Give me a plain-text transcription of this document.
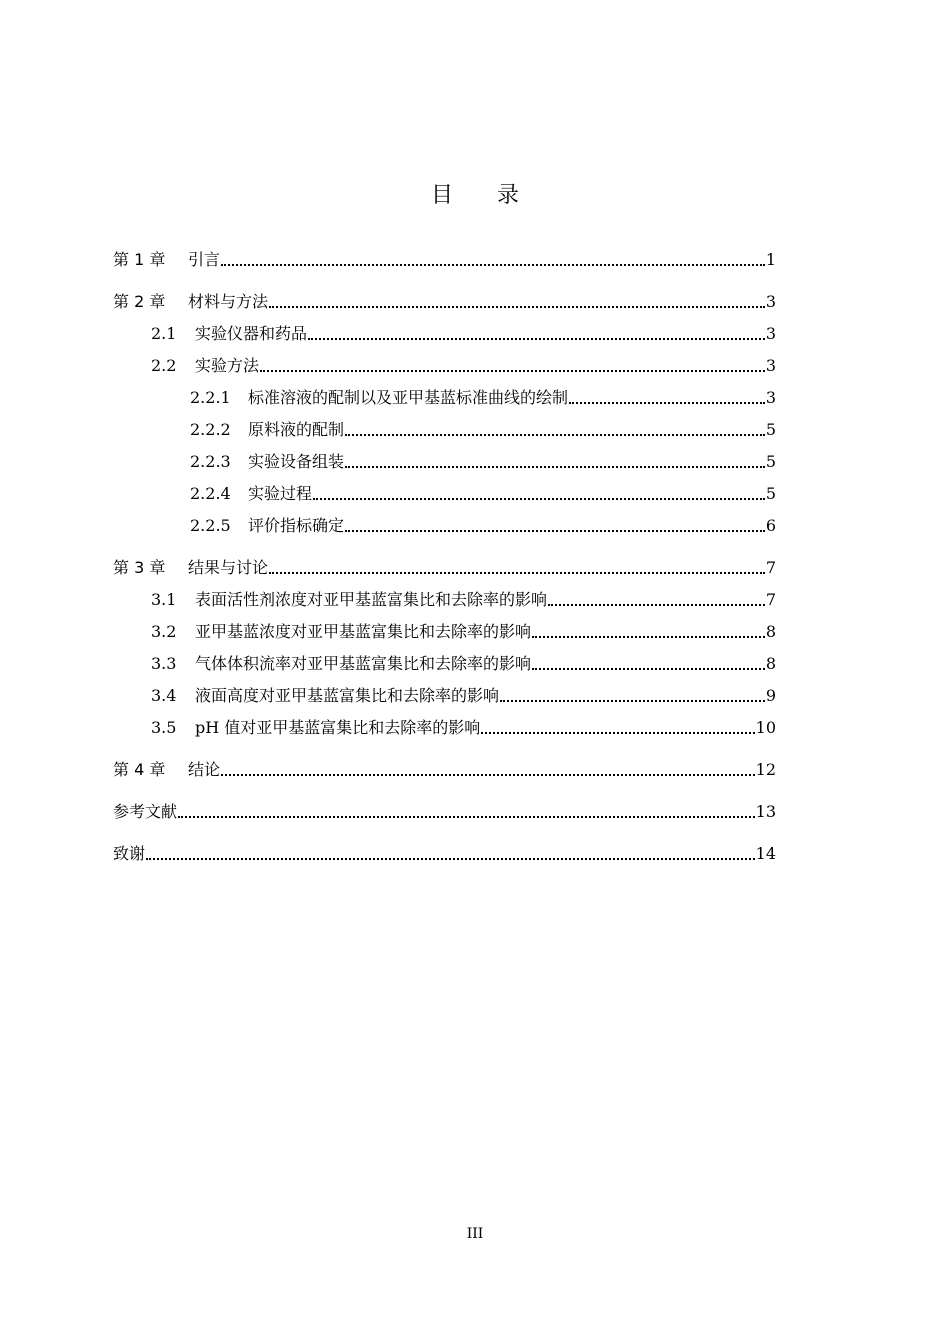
目　　录
第 1 章	引言	1
第 2 章	材料与方法	3
2.1	实验仪器和药品	3
2.2	实验方法	3
2.2.1	标准溶液的配制以及亚甲基蓝标准曲线的绘制	3
2.2.2	原料液的配制	5
2.2.3	实验设备组装	5
2.2.4	实验过程	5
2.2.5	评价指标确定	6
第 3 章	结果与讨论	7
3.1	表面活性剂浓度对亚甲基蓝富集比和去除率的影响	7
3.2	亚甲基蓝浓度对亚甲基蓝富集比和去除率的影响	8
3.3	气体体积流率对亚甲基蓝富集比和去除率的影响	8
3.4	液面高度对亚甲基蓝富集比和去除率的影响	9
3.5	pH 值对亚甲基蓝富集比和去除率的影响	10
第 4 章	结论	12
参考文献	13
致谢	14
III
